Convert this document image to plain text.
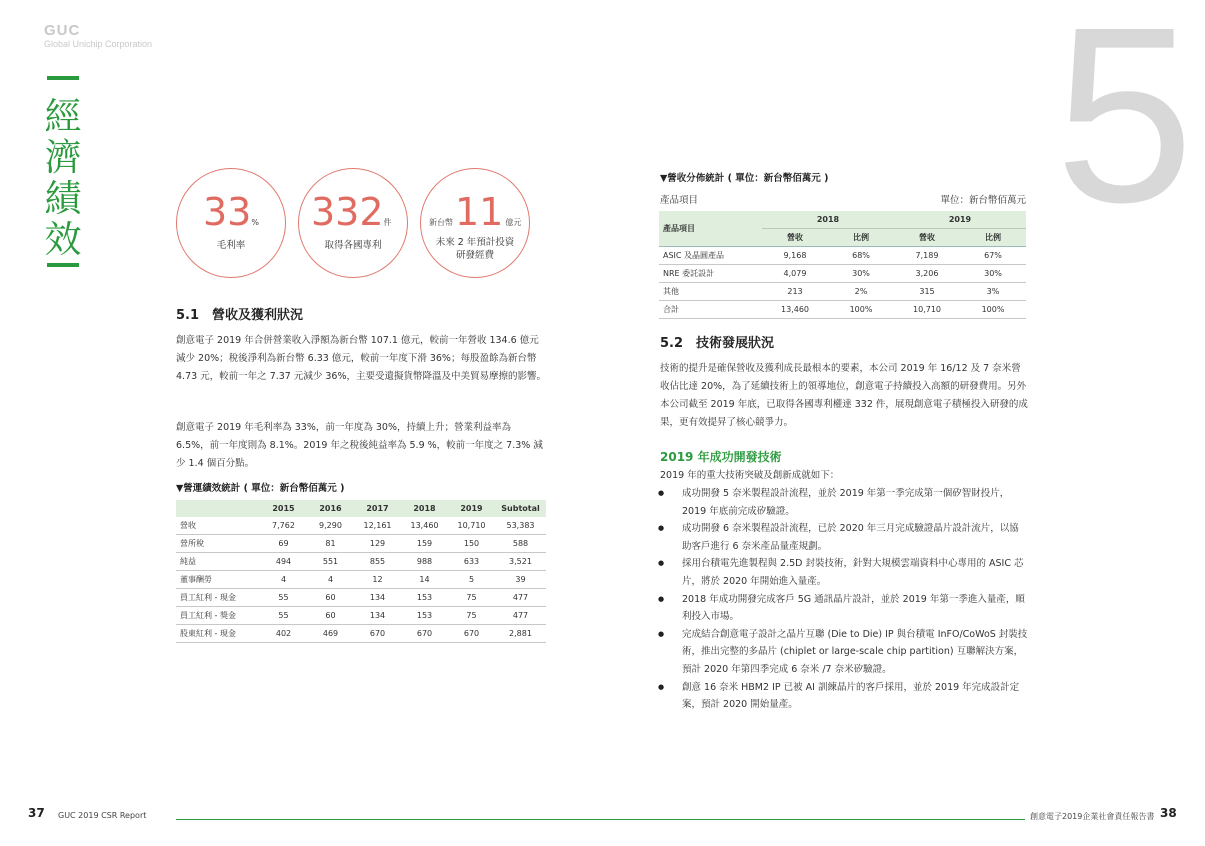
GUC
Global Unichip Corporation
經
濟
績
效	5
33%
毛利率
332件
取得各國專利
新台幣11 億元
未來 2 年預計投資
研發經費
5.1　營收及獲利狀況
創意電子 2019 年合併營業收入淨額為新台幣 107.1 億元，較前一年營收 134.6 億元減少 20%；稅後淨利為新台幣 6.33 億元，較前一年度下滑 36%；每股盈餘為新台幣 4.73 元，較前一年之 7.37 元減少 36%，主要受遺擬貨幣降溫及中美貿易摩擦的影響。
創意電子 2019 年毛利率為 33%，前一年度為 30%，持續上升；營業利益率為 6.5%，前一年度則為 8.1%。2019 年之稅後純益率為 5.9 %，較前一年度之 7.3% 減少 1.4 個百分點。
▼營運績效統計 ( 單位：新台幣佰萬元 )
	2015	2016	2017	2018	2019	Subtotal
營收	7,762	9,290	12,161	13,460	10,710	53,383
營所稅	69	81	129	159	150	588
純益	494	551	855	988	633	3,521
董事酬勞	4	4	12	14	5	39
員工紅利 - 現金	55	60	134	153	75	477
員工紅利 - 獎金	55	60	134	153	75	477
股東紅利 - 現金	402	469	670	670	670	2,881
▼營收分佈統計 ( 單位：新台幣佰萬元 )
產品項目	單位：新台幣佰萬元
產品項目	2018		2019	
	營收	比例	營收	比例
ASIC 及晶圓產品	9,168	68%	7,189	67%
NRE 委託設計	4,079	30%	3,206	30%
其他	213	2%	315	3%
合計	13,460	100%	10,710	100%
5.2　技術發展狀況
技術的提升是確保營收及獲利成長最根本的要素，本公司 2019 年 16/12 及 7 奈米營收佔比達 20%，為了延續技術上的領導地位，創意電子持續投入高額的研發費用。另外本公司截至 2019 年底，已取得各國專利權達 332 件，展現創意電子積極投入研發的成果，更有效提昇了核心競爭力。
2019 年成功開發技術
2019 年的重大技術突破及創新成就如下：
● 成功開發 5 奈米製程設計流程，並於 2019 年第一季完成第一個矽智財投片，2019 年底前完成矽驗證。
● 成功開發 6 奈米製程設計流程，已於 2020 年三月完成驗證晶片設計流片，以協助客戶進行 6 奈米產品量產規劃。
● 採用台積電先進製程與 2.5D 封裝技術，針對大規模雲端資料中心專用的 ASIC 芯片，將於 2020 年開始進入量產。
● 2018 年成功開發完成客戶 5G 通訊晶片設計，並於 2019 年第一季進入量產，順利投入市場。
● 完成結合創意電子設計之晶片互聯 (Die to Die) IP 與台積電 InFO/CoWoS 封裝技術，推出完整的多晶片 (chiplet or large-scale chip partition) 互聯解決方案，預計 2020 年第四季完成 6 奈米 /7 奈米矽驗證。
● 創意 16 奈米 HBM2 IP 已被 AI 訓練晶片的客戶採用，並於 2019 年完成設計定案，預計 2020 開始量產。
37 GUC 2019 CSR Report	創意電子2019企業社會責任報告書 38
